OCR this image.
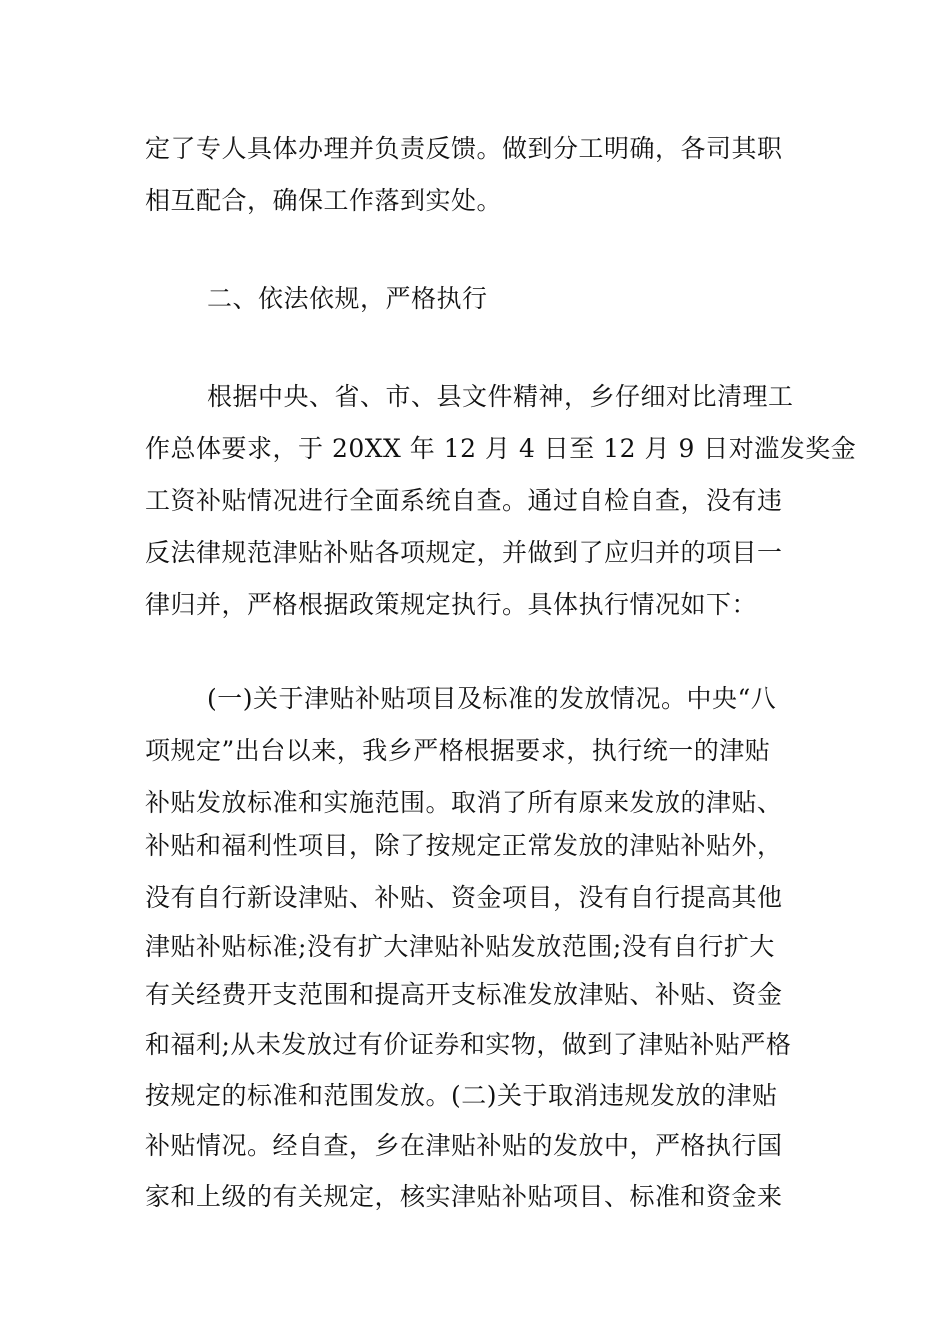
定了专人具体办理并负责反馈。做到分工明确，各司其职
相互配合，确保工作落到实处。
二、依法依规，严格执行
根据中央、省、市、县文件精神，乡仔细对比清理工
作总体要求，于 20XX 年 12 月 4 日至 12 月 9 日对滥发奖金
工资补贴情况进行全面系统自查。通过自检自查，没有违
反法律规范津贴补贴各项规定，并做到了应归并的项目一
律归并，严格根据政策规定执行。具体执行情况如下：
(一)关于津贴补贴项目及标准的发放情况。中央“八
项规定”出台以来，我乡严格根据要求，执行统一的津贴
补贴发放标准和实施范围。取消了所有原来发放的津贴、
补贴和福利性项目，除了按规定正常发放的津贴补贴外，
没有自行新设津贴、补贴、资金项目，没有自行提高其他
津贴补贴标准;没有扩大津贴补贴发放范围;没有自行扩大
有关经费开支范围和提高开支标准发放津贴、补贴、资金
和福利;从未发放过有价证券和实物，做到了津贴补贴严格
按规定的标准和范围发放。(二)关于取消违规发放的津贴
补贴情况。经自查，乡在津贴补贴的发放中，严格执行国
家和上级的有关规定，核实津贴补贴项目、标准和资金来
